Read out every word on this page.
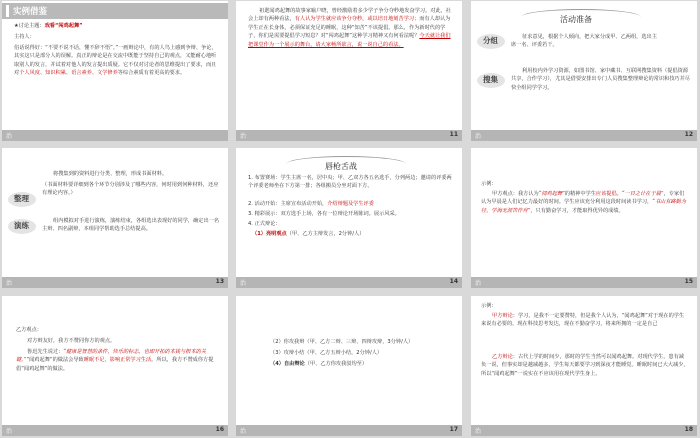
实例借鉴
★讨论主题：戏看“闯鸡起舞”
主持人：
俗话说得好：“不要不说不话，懂不辞不悟”。”一画辩论中，有的人鸟上感到争辩、争论，其实这只是部分人的误解。真正的辩论是在交流中既能于坚持自己的观点，又能耐心地听取别人的发言，并试着对他人的发言提出质疑。它不仅对讨论者的思维提出了要求，而且对个人风度、知识积累、语言素养、文学修养等综合素质有着更高的要求。
治
祖逖闻鸡起舞的故事家喻户晓，曾经激励着多少学子争分夺秒地发奋学习。对此，社会上却有两种看法，有人认为学生就应该争分夺秒，或以培日地刻苦学习；而有人却认为学生正在长身体，必须保证充足的睡眠，这种“知苦”不该提倡。那么，作为新时代的学子，你们是需要提倡学习短息？对“闯鸡起舞”这种学习精神又有何看法呢？今天就让我们把课堂作为一个展示的舞台，请大家畅所欲言，说一说自己的看法。
治	11
活动准备
分组	征求意见，根据个人倾向，把大家分成甲、乙两组，选出主席一名、评委若干。
搜集
利用校内外学习资源，如图书馆、家中藏书、互联网搜集资料（提倡资源共享，合作学习），尤其是借要安排出专门人员搜集整理辩论的常识和技巧并尽快全组同学学习。
治	12
将搜集到的资料进行分类、整理，形成书面材料。
（书面材料要详细到各个环节分别涉及了哪些内容，何时用到何种材料，还应有理论内容。）
整理
演练	组内模拟对手进行演练，演练结束，各组选出表现好的同学，确定出一名主辩、四名副辩，本组同学帮助选手总结提高。
治	13
唇枪舌战
1. 布置赛场：学生主席一名，居中央；甲、乙双方各五名选手，分列两边；邀请的评委两个评委老师坐在下方第一排；各组搬员分坐对面下方。
2. 活动开始：主席宣布活动开始，介绍辩题及学生评委
3. 精彩展示：双方选手上场，各有一位辩论开场陈词。展示风采。
4. 正式辩论：
（1）亮明观点（甲、乙方主辩发言，2分钟/人）
治	14
示例：
甲方观点：我方认为“闻鸡起舞”的精神中学生应该提倡。“一日之计在于晨”，专家们认为早晨是人们记忆力最好的时间。学生应该充分利用这段时间读书学习，“书山有路勤为径，学海无涯苦作舟”，只有勤奋学习，才能取得优异的成绩。
治	15
乙方观点：
对方辩友好，我方不赞同你方的观点。
鲁迅先生说过：“健康是智慧的条件，快乐的标志，也即开拓的本钱与根本的关键。”“闻鸡起舞”的做法会导致睡眠不足，影响正常学习生活。所以，我方不赞成你方提倡“闻鸡起舞”的做法。
治	16
（2）你攻我辩（甲、乙方二辩、三辩、四辩攻辩，3分钟/人）
（3）攻辩小结（甲、乙方五辩小结，2分钟/人）
（4）自由辩论（甲、乙方你攻我驳均至）
治	17
示例：
甲方辩论：学习，是我不一定要赞特，但是我个人认为，“闻鸡起舞”对于现在的学生来说有必要的，现在科技思考发达，现在不勤奋学习，将来所拥的一定是自己
乙方辩论：古代上学的时间少，那时的学生当然可以闻鸡起舞。对现代学生，患有减负一说，但事实却是越减越多，学生每天都要学习到深夜才能睡觉。睡眠时间已大大减少，所以“闻鸡起舞”一说实在不应该用在现代学生身上。
治	18
